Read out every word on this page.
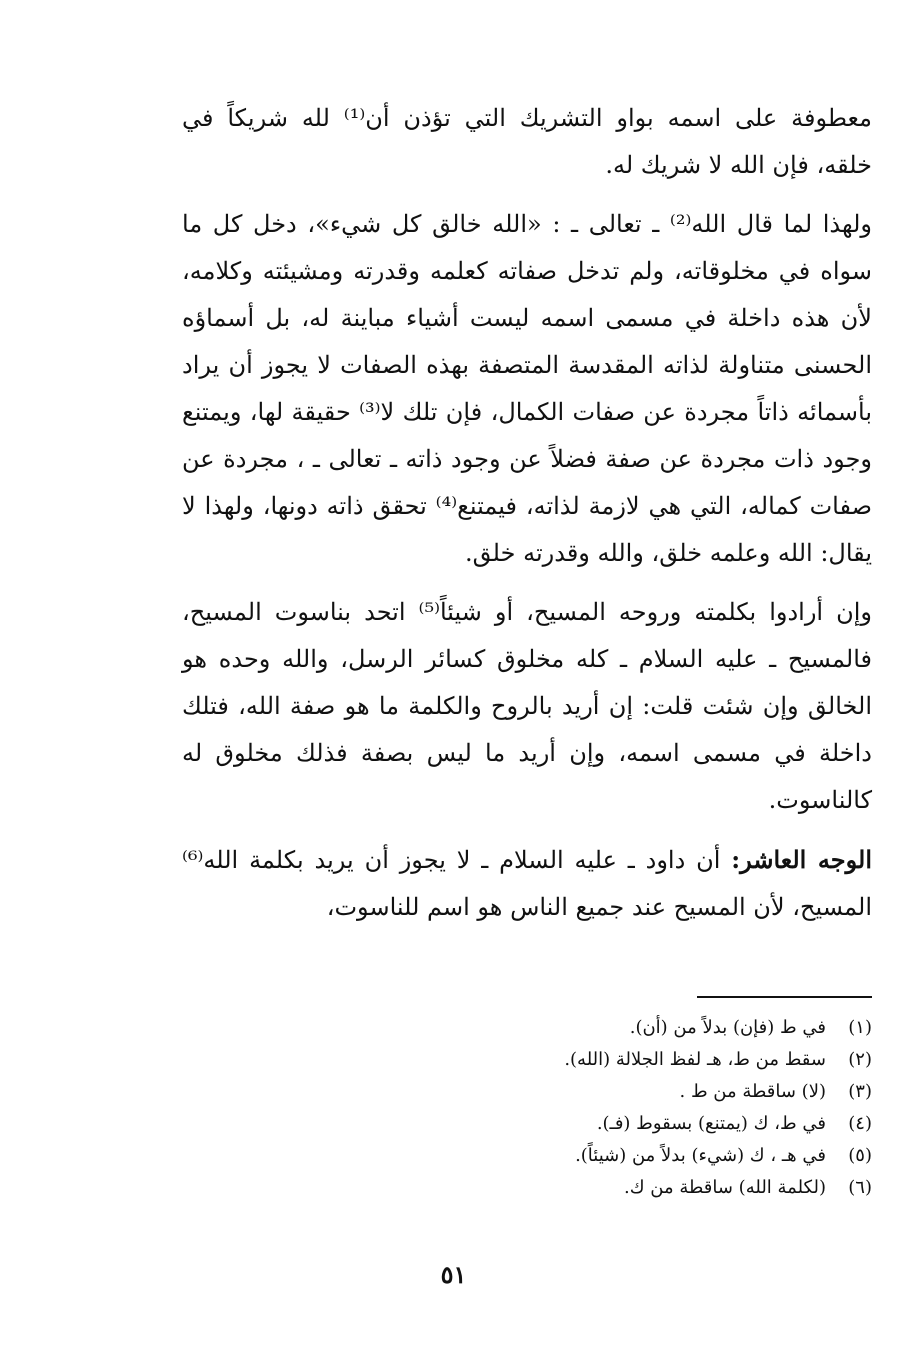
معطوفة على اسمه بواو التشريك التي تؤذن أن⁽¹⁾ لله شريكاً في خلقه، فإن الله لا شريك له.

ولهذا لما قال الله⁽²⁾ ـ تعالى ـ : «الله خالق كل شيء»، دخل كل ما سواه في مخلوقاته، ولم تدخل صفاته كعلمه وقدرته ومشيئته وكلامه، لأن هذه داخلة في مسمى اسمه ليست أشياء مباينة له، بل أسماؤه الحسنى متناولة لذاته المقدسة المتصفة بهذه الصفات لا يجوز أن يراد بأسمائه ذاتاً مجردة عن صفات الكمال، فإن تلك لا⁽³⁾ حقيقة لها، ويمتنع وجود ذات مجردة عن صفة فضلاً عن وجود ذاته ـ تعالى ـ ، مجردة عن صفات كماله، التي هي لازمة لذاته، فيمتنع⁽⁴⁾ تحقق ذاته دونها، ولهذا لا يقال: الله وعلمه خلق، والله وقدرته خلق.

وإن أرادوا بكلمته وروحه المسيح، أو شيئاً⁽⁵⁾ اتحد بناسوت المسيح، فالمسيح ـ عليه السلام ـ كله مخلوق كسائر الرسل، والله وحده هو الخالق وإن شئت قلت: إن أريد بالروح والكلمة ما هو صفة الله، فتلك داخلة في مسمى اسمه، وإن أريد ما ليس بصفة فذلك مخلوق له كالناسوت.

الوجه العاشر: أن داود ـ عليه السلام ـ لا يجوز أن يريد بكلمة الله⁽⁶⁾ المسيح، لأن المسيح عند جميع الناس هو اسم للناسوت،

(١)
في ط (فإن) بدلاً من (أن).
(٢)
سقط من ط، هـ لفظ الجلالة (الله).
(٣)
(لا) ساقطة من ط .
(٤)
في ط، ك (يمتنع) بسقوط (فـ).
(٥)
في هـ ، ك (شيء) بدلاً من (شيئاً).
(٦)
(لكلمة الله) ساقطة من ك.
٥١
